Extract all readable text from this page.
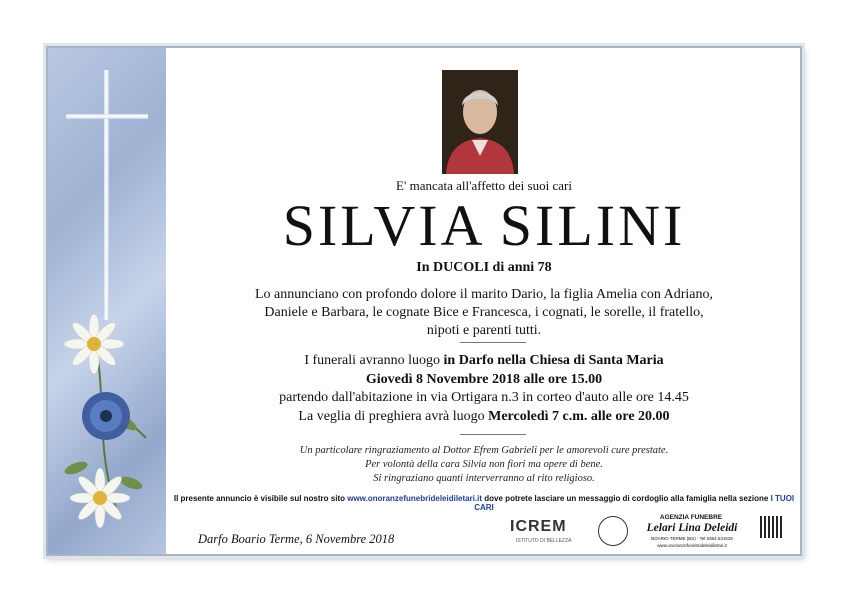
E' mancata all'affetto dei suoi cari
SILVIA SILINI
In DUCOLI di anni 78
Lo annunciano con profondo dolore il marito Dario, la figlia Amelia con Adriano,
Daniele e Barbara, le cognate Bice e Francesca, i cognati, le sorelle, il fratello,
nipoti e parenti tutti.
I funerali avranno luogo in Darfo nella Chiesa di Santa Maria
Giovedì 8 Novembre 2018 alle ore 15.00
partendo dall'abitazione in via Ortigara n.3 in corteo d'auto alle ore 14.45
La veglia di preghiera avrà luogo Mercoledì 7 c.m. alle ore 20.00
Un particolare ringraziamento al Dottor Efrem Gabrieli per le amorevoli cure prestate.
Per volontà della cara Silvia non fiori ma opere di bene.
Si ringraziano quanti interverranno al rito religioso.
Il presente annuncio è visibile sul nostro sito www.onoranzefunebrideleidiletari.it dove potrete lasciare un messaggio di cordoglio alla famiglia nella sezione I TUOI CARI
Darfo Boario Terme, 6 Novembre 2018
ICREM
ISTITUTO DI BELLEZZA
AGENZIA FUNEBRE
Lelari Lina Deleidi
BOARIO TERME (BS) - Tel 0364.531526
www.onoranzefunebrideleidiletari.it
